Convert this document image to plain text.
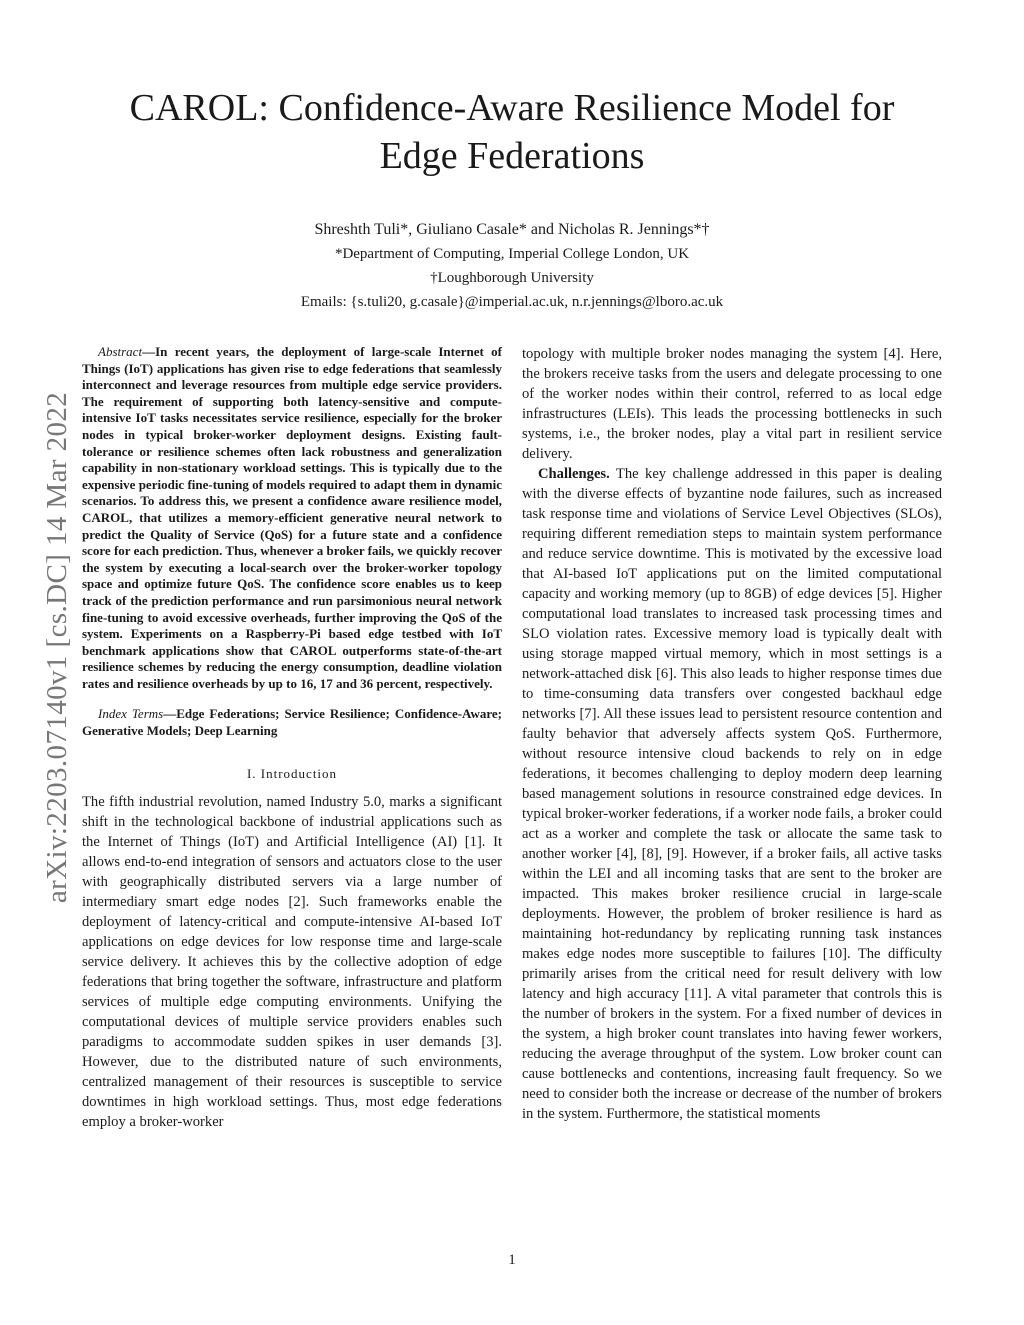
arXiv:2203.07140v1 [cs.DC] 14 Mar 2022
CAROL: Confidence-Aware Resilience Model for
Edge Federations
Shreshth Tuli*, Giuliano Casale* and Nicholas R. Jennings*†
*Department of Computing, Imperial College London, UK
†Loughborough University
Emails: {s.tuli20, g.casale}@imperial.ac.uk, n.r.jennings@lboro.ac.uk

Abstract—In recent years, the deployment of large-scale Internet of Things (IoT) applications has given rise to edge federations that seamlessly interconnect and leverage resources from multiple edge service providers. The requirement of supporting both latency-sensitive and compute-intensive IoT tasks necessitates service resilience, especially for the broker nodes in typical broker-worker deployment designs. Existing fault-tolerance or resilience schemes often lack robustness and generalization capability in non-stationary workload settings. This is typically due to the expensive periodic fine-tuning of models required to adapt them in dynamic scenarios. To address this, we present a confidence aware resilience model, CAROL, that utilizes a memory-efficient generative neural network to predict the Quality of Service (QoS) for a future state and a confidence score for each prediction. Thus, whenever a broker fails, we quickly recover the system by executing a local-search over the broker-worker topology space and optimize future QoS. The confidence score enables us to keep track of the prediction performance and run parsimonious neural network fine-tuning to avoid excessive overheads, further improving the QoS of the system. Experiments on a Raspberry-Pi based edge testbed with IoT benchmark applications show that CAROL outperforms state-of-the-art resilience schemes by reducing the energy consumption, deadline violation rates and resilience overheads by up to 16, 17 and 36 percent, respectively.

Index Terms—Edge Federations; Service Resilience; Confidence-Aware; Generative Models; Deep Learning

I. Introduction

The fifth industrial revolution, named Industry 5.0, marks a significant shift in the technological backbone of industrial applications such as the Internet of Things (IoT) and Artificial Intelligence (AI) [1]. It allows end-to-end integration of sensors and actuators close to the user with geographically distributed servers via a large number of intermediary smart edge nodes [2]. Such frameworks enable the deployment of latency-critical and compute-intensive AI-based IoT applications on edge devices for low response time and large-scale service delivery. It achieves this by the collective adoption of edge federations that bring together the software, infrastructure and platform services of multiple edge computing environments. Unifying the computational devices of multiple service providers enables such paradigms to accommodate sudden spikes in user demands [3]. However, due to the distributed nature of such environments, centralized management of their resources is susceptible to service downtimes in high workload settings. Thus, most edge federations employ a broker-worker

topology with multiple broker nodes managing the system [4]. Here, the brokers receive tasks from the users and delegate processing to one of the worker nodes within their control, referred to as local edge infrastructures (LEIs). This leads the processing bottlenecks in such systems, i.e., the broker nodes, play a vital part in resilient service delivery.

Challenges. The key challenge addressed in this paper is dealing with the diverse effects of byzantine node failures, such as increased task response time and violations of Service Level Objectives (SLOs), requiring different remediation steps to maintain system performance and reduce service downtime. This is motivated by the excessive load that AI-based IoT applications put on the limited computational capacity and working memory (up to 8GB) of edge devices [5]. Higher computational load translates to increased task processing times and SLO violation rates. Excessive memory load is typically dealt with using storage mapped virtual memory, which in most settings is a network-attached disk [6]. This also leads to higher response times due to time-consuming data transfers over congested backhaul edge networks [7]. All these issues lead to persistent resource contention and faulty behavior that adversely affects system QoS. Furthermore, without resource intensive cloud backends to rely on in edge federations, it becomes challenging to deploy modern deep learning based management solutions in resource constrained edge devices. In typical broker-worker federations, if a worker node fails, a broker could act as a worker and complete the task or allocate the same task to another worker [4], [8], [9]. However, if a broker fails, all active tasks within the LEI and all incoming tasks that are sent to the broker are impacted. This makes broker resilience crucial in large-scale deployments. However, the problem of broker resilience is hard as maintaining hot-redundancy by replicating running task instances makes edge nodes more susceptible to failures [10]. The difficulty primarily arises from the critical need for result delivery with low latency and high accuracy [11]. A vital parameter that controls this is the number of brokers in the system. For a fixed number of devices in the system, a high broker count translates into having fewer workers, reducing the average throughput of the system. Low broker count can cause bottlenecks and contentions, increasing fault frequency. So we need to consider both the increase or decrease of the number of brokers in the system. Furthermore, the statistical moments

1
